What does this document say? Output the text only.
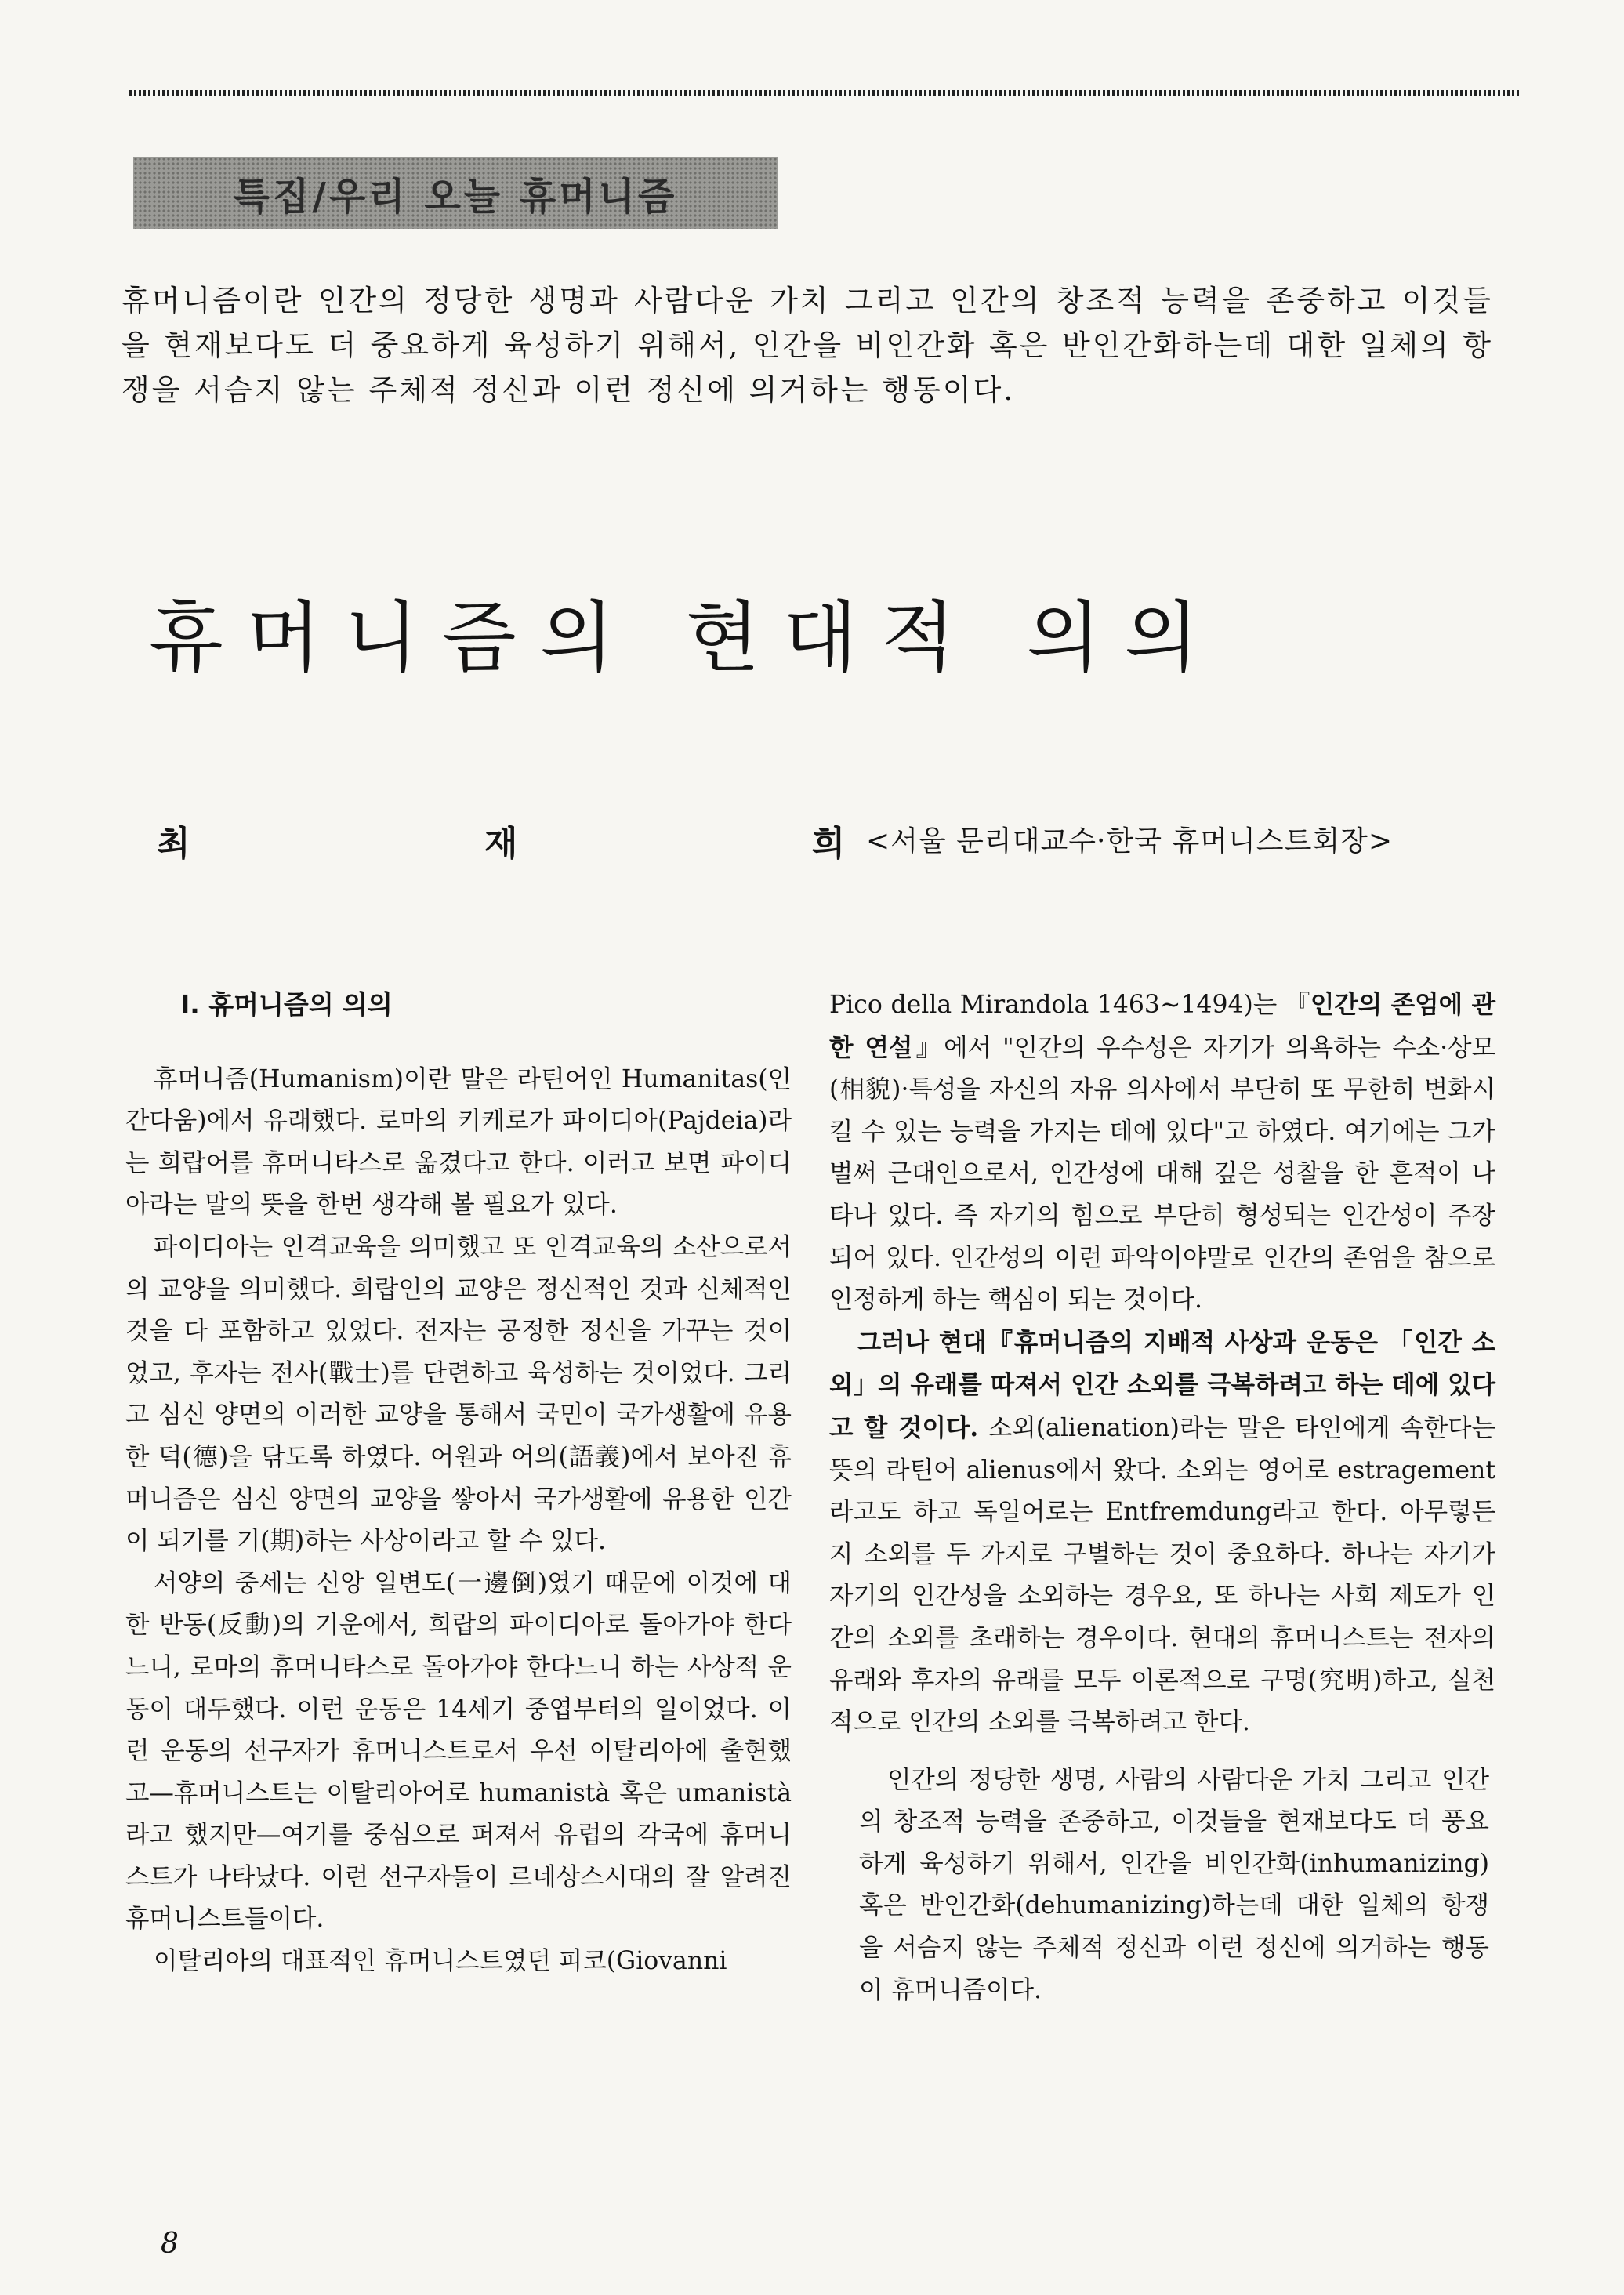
특집/우리 오늘 휴머니즘

휴머니즘이란 인간의 정당한 생명과 사람다운 가치 그리고 인간의 창조적 능력을 존중하고 이것들을 현재보다도 더 중요하게 육성하기 위해서, 인간을 비인간화 혹은 반인간화하는데 대한 일체의 항쟁을 서슴지 않는 주체적 정신과 이런 정신에 의거하는 행동이다.

휴머니즘의 현대적 의의

최 재 희

<서울 문리대교수·한국 휴머니스트회장>

I. 휴머니즘의 의의

휴머니즘(Humanism)이란 말은 라틴어인 Humanitas(인간다움)에서 유래했다. 로마의 키케로가 파이디아(Pajdeia)라는 희랍어를 휴머니타스로 옮겼다고 한다. 이러고 보면 파이디아라는 말의 뜻을 한번 생각해 볼 필요가 있다.

파이디아는 인격교육을 의미했고 또 인격교육의 소산으로서의 교양을 의미했다. 희랍인의 교양은 정신적인 것과 신체적인 것을 다 포함하고 있었다. 전자는 공정한 정신을 가꾸는 것이었고, 후자는 전사(戰士)를 단련하고 육성하는 것이었다. 그리고 심신 양면의 이러한 교양을 통해서 국민이 국가생활에 유용한 덕(德)을 닦도록 하였다. 어원과 어의(語義)에서 보아진 휴머니즘은 심신 양면의 교양을 쌓아서 국가생활에 유용한 인간이 되기를 기(期)하는 사상이라고 할 수 있다.

서양의 중세는 신앙 일변도(一邊倒)였기 때문에 이것에 대한 반동(反動)의 기운에서, 희랍의 파이디아로 돌아가야 한다느니, 로마의 휴머니타스로 돌아가야 한다느니 하는 사상적 운동이 대두했다. 이런 운동은 14세기 중엽부터의 일이었다. 이런 운동의 선구자가 휴머니스트로서 우선 이탈리아에 출현했고—휴머니스트는 이탈리아어로 humanistà 혹은 umanistà라고 했지만—여기를 중심으로 퍼져서 유럽의 각국에 휴머니스트가 나타났다. 이런 선구자들이 르네상스시대의 잘 알려진 휴머니스트들이다.

이탈리아의 대표적인 휴머니스트였던 피코(Giovanni

Pico della Mirandola 1463~1494)는 『인간의 존엄에 관한 연설』에서 "인간의 우수성은 자기가 의욕하는 수소·상모(相貌)·특성을 자신의 자유 의사에서 부단히 또 무한히 변화시킬 수 있는 능력을 가지는 데에 있다"고 하였다. 여기에는 그가 벌써 근대인으로서, 인간성에 대해 깊은 성찰을 한 흔적이 나타나 있다. 즉 자기의 힘으로 부단히 형성되는 인간성이 주장되어 있다. 인간성의 이런 파악이야말로 인간의 존엄을 참으로 인정하게 하는 핵심이 되는 것이다.

그러나 현대『휴머니즘의 지배적 사상과 운동은 「인간 소외」의 유래를 따져서 인간 소외를 극복하려고 하는 데에 있다고 할 것이다. 소외(alienation)라는 말은 타인에게 속한다는 뜻의 라틴어 alienus에서 왔다. 소외는 영어로 estragement라고도 하고 독일어로는 Entfremdung라고 한다. 아무렇든지 소외를 두 가지로 구별하는 것이 중요하다. 하나는 자기가 자기의 인간성을 소외하는 경우요, 또 하나는 사회 제도가 인간의 소외를 초래하는 경우이다. 현대의 휴머니스트는 전자의 유래와 후자의 유래를 모두 이론적으로 구명(究明)하고, 실천적으로 인간의 소외를 극복하려고 한다.

인간의 정당한 생명, 사람의 사람다운 가치 그리고 인간의 창조적 능력을 존중하고, 이것들을 현재보다도 더 풍요하게 육성하기 위해서, 인간을 비인간화(inhumanizing) 혹은 반인간화(dehumanizing)하는데 대한 일체의 항쟁을 서슴지 않는 주체적 정신과 이런 정신에 의거하는 행동이 휴머니즘이다.

8
